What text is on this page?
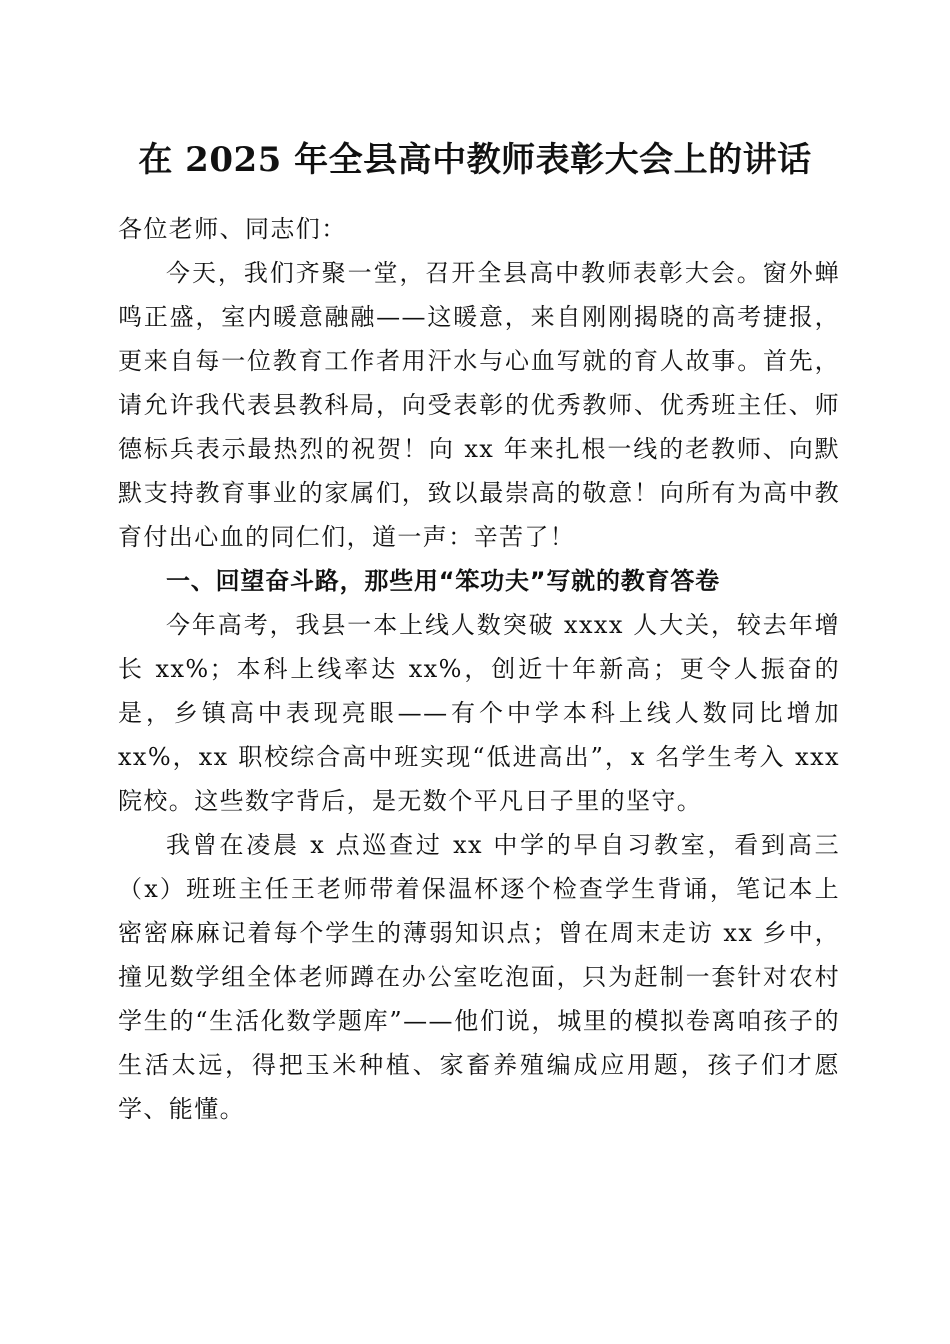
在 2025 年全县高中教师表彰大会上的讲话

各位老师、同志们：

今天，我们齐聚一堂，召开全县高中教师表彰大会。窗外蝉鸣正盛，室内暖意融融——这暖意，来自刚刚揭晓的高考捷报，更来自每一位教育工作者用汗水与心血写就的育人故事。首先，请允许我代表县教科局，向受表彰的优秀教师、优秀班主任、师德标兵表示最热烈的祝贺！向 xx 年来扎根一线的老教师、向默默支持教育事业的家属们，致以最崇高的敬意！向所有为高中教育付出心血的同仁们，道一声：辛苦了！

一、回望奋斗路，那些用“笨功夫”写就的教育答卷

今年高考，我县一本上线人数突破 xxxx 人大关，较去年增长 xx%；本科上线率达 xx%，创近十年新高；更令人振奋的是，乡镇高中表现亮眼——有个中学本科上线人数同比增加 xx%，xx 职校综合高中班实现“低进高出”，x 名学生考入 xxx 院校。这些数字背后，是无数个平凡日子里的坚守。

我曾在凌晨 x 点巡查过 xx 中学的早自习教室，看到高三（x）班班主任王老师带着保温杯逐个检查学生背诵，笔记本上密密麻麻记着每个学生的薄弱知识点；曾在周末走访 xx 乡中，撞见数学组全体老师蹲在办公室吃泡面，只为赶制一套针对农村学生的“生活化数学题库”——他们说，城里的模拟卷离咱孩子的生活太远，得把玉米种植、家畜养殖编成应用题，孩子们才愿学、能懂。
